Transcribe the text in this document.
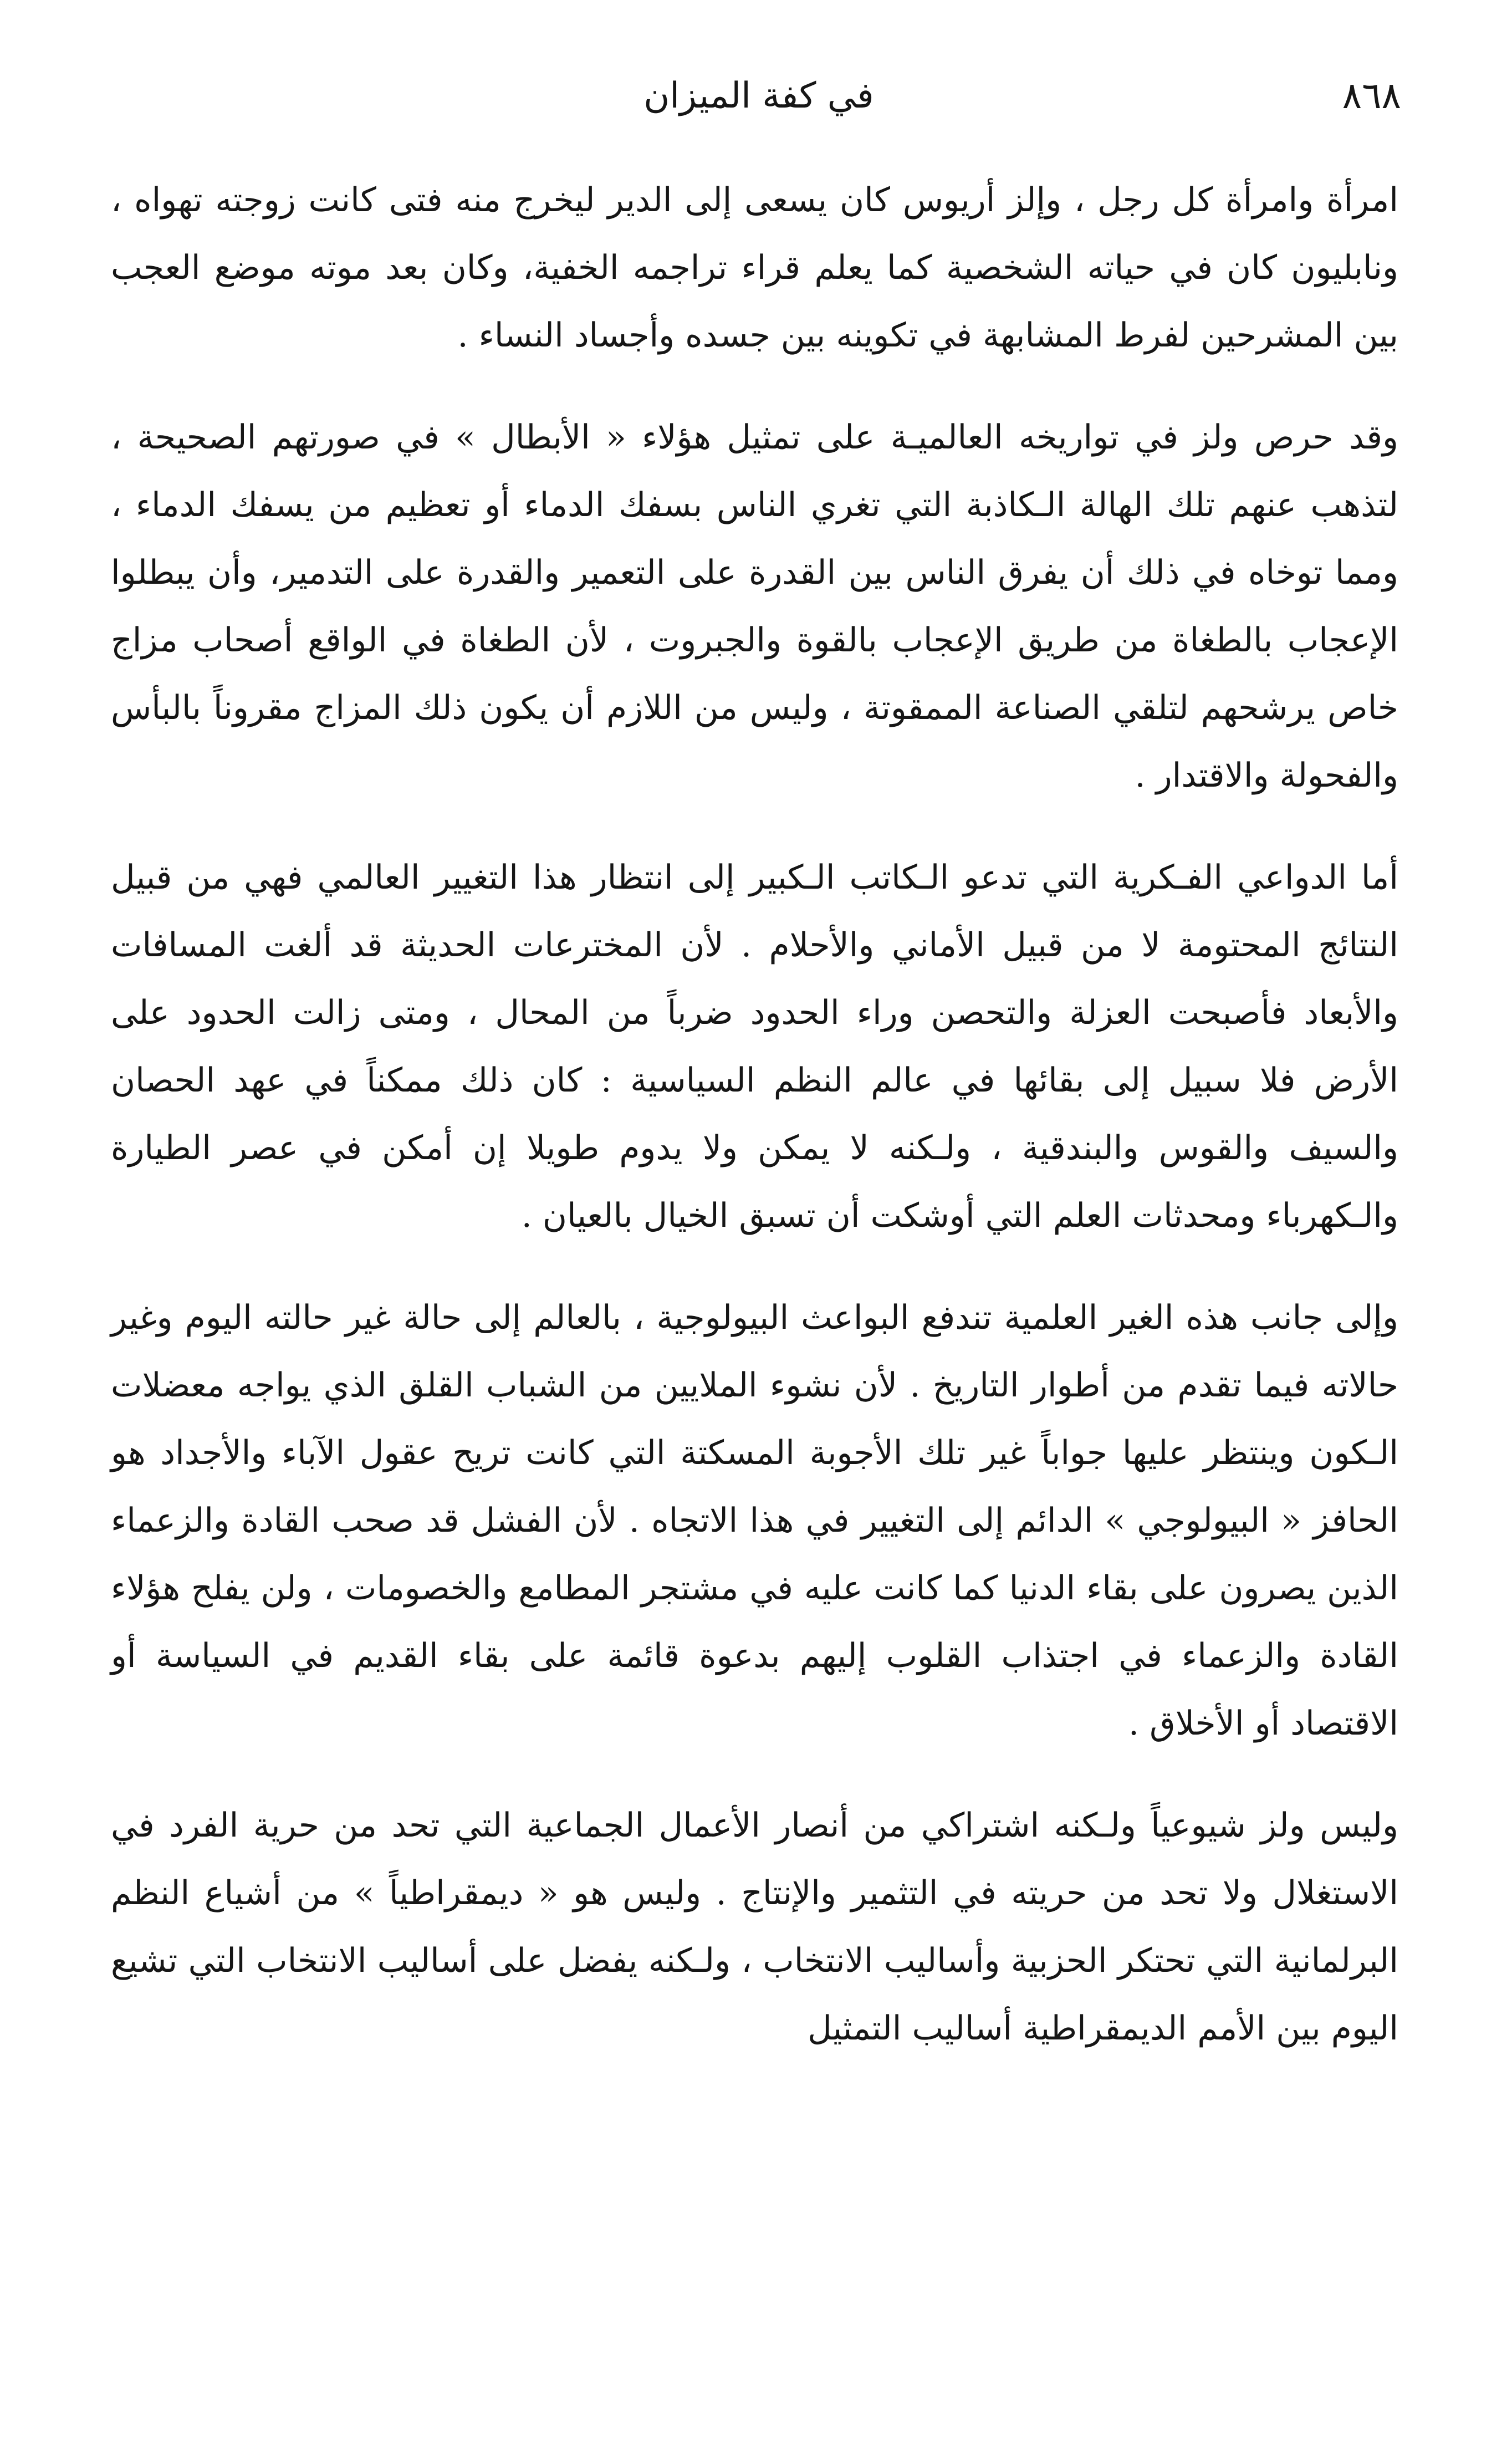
٨٦٨
في كفة الميزان

امرأة وامرأة كل رجل ، وإلز أريوس كان يسعى إلى الدير ليخرج منه فتى كانت زوجته تهواه ، ونابليون كان في حياته الشخصية كما يعلم قراء تراجمه الخفية، وكان بعد موته موضع العجب بين المشرحين لفرط المشابهة في تكوينه بين جسده وأجساد النساء .

وقد حرص ولز في تواريخه العالميـة على تمثيل هؤلاء « الأبطال » في صورتهم الصحيحة ، لتذهب عنهم تلك الهالة الـكاذبة التي تغري الناس بسفك الدماء أو تعظيم من يسفك الدماء ، ومما توخاه في ذلك أن يفرق الناس بين القدرة على التعمير والقدرة على التدمير، وأن يبطلوا الإعجاب بالطغاة من طريق الإعجاب بالقوة والجبروت ، لأن الطغاة في الواقع أصحاب مزاج خاص يرشحهم لتلقي الصناعة الممقوتة ، وليس من اللازم أن يكون ذلك المزاج مقروناً بالبأس والفحولة والاقتدار .

أما الدواعي الفـكرية التي تدعو الـكاتب الـكبير إلى انتظار هذا التغيير العالمي فهي من قبيل النتائج المحتومة لا من قبيل الأماني والأحلام . لأن المخترعات الحديثة قد ألغت المسافات والأبعاد فأصبحت العزلة والتحصن وراء الحدود ضرباً من المحال ، ومتى زالت الحدود على الأرض فلا سبيل إلى بقائها في عالم النظم السياسية : كان ذلك ممكناً في عهد الحصان والسيف والقوس والبندقية ، ولـكنه لا يمكن ولا يدوم طويلا إن أمكن في عصر الطيارة والـكهرباء ومحدثات العلم التي أوشكت أن تسبق الخيال بالعيان .

وإلى جانب هذه الغير العلمية تندفع البواعث البيولوجية ، بالعالم إلى حالة غير حالته اليوم وغير حالاته فيما تقدم من أطوار التاريخ . لأن نشوء الملايين من الشباب القلق الذي يواجه معضلات الـكون وينتظر عليها جواباً غير تلك الأجوبة المسكتة التي كانت تريح عقول الآباء والأجداد هو الحافز « البيولوجي » الدائم إلى التغيير في هذا الاتجاه . لأن الفشل قد صحب القادة والزعماء الذين يصرون على بقاء الدنيا كما كانت عليه في مشتجر المطامع والخصومات ، ولن يفلح هؤلاء القادة والزعماء في اجتذاب القلوب إليهم بدعوة قائمة على بقاء القديم في السياسة أو الاقتصاد أو الأخلاق .

وليس ولز شيوعياً ولـكنه اشتراكي من أنصار الأعمال الجماعية التي تحد من حرية الفرد في الاستغلال ولا تحد من حريته في التثمير والإنتاج . وليس هو « ديمقراطياً » من أشياع النظم البرلمانية التي تحتكر الحزبية وأساليب الانتخاب ، ولـكنه يفضل على أساليب الانتخاب التي تشيع اليوم بين الأمم الديمقراطية أساليب التمثيل
